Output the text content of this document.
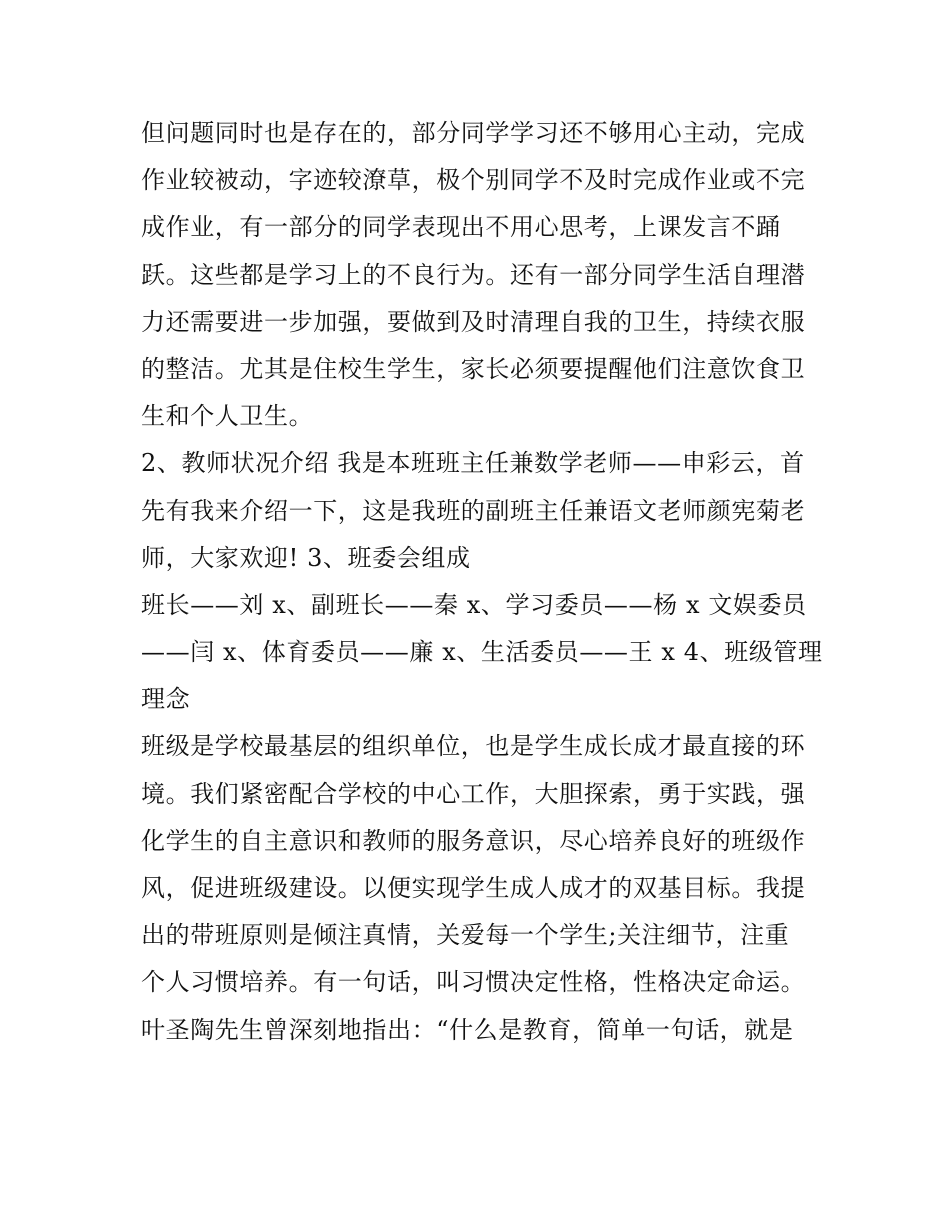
但问题同时也是存在的，部分同学学习还不够用心主动，完成
作业较被动，字迹较潦草，极个别同学不及时完成作业或不完
成作业，有一部分的同学表现出不用心思考，上课发言不踊
跃。这些都是学习上的不良行为。还有一部分同学生活自理潜
力还需要进一步加强，要做到及时清理自我的卫生，持续衣服
的整洁。尤其是住校生学生，家长必须要提醒他们注意饮食卫
生和个人卫生。
2、教师状况介绍 我是本班班主任兼数学老师——申彩云，首
先有我来介绍一下，这是我班的副班主任兼语文老师颜宪菊老
师，大家欢迎! 3、班委会组成
班长——刘 x、副班长——秦 x、学习委员——杨 x 文娱委员
——闫 x、体育委员——廉 x、生活委员——王 x 4、班级管理
理念
班级是学校最基层的组织单位，也是学生成长成才最直接的环
境。我们紧密配合学校的中心工作，大胆探索，勇于实践，强
化学生的自主意识和教师的服务意识，尽心培养良好的班级作
风，促进班级建设。以便实现学生成人成才的双基目标。我提
出的带班原则是倾注真情，关爱每一个学生;关注细节，注重
个人习惯培养。有一句话，叫习惯决定性格，性格决定命运。
叶圣陶先生曾深刻地指出：“什么是教育，简单一句话，就是
